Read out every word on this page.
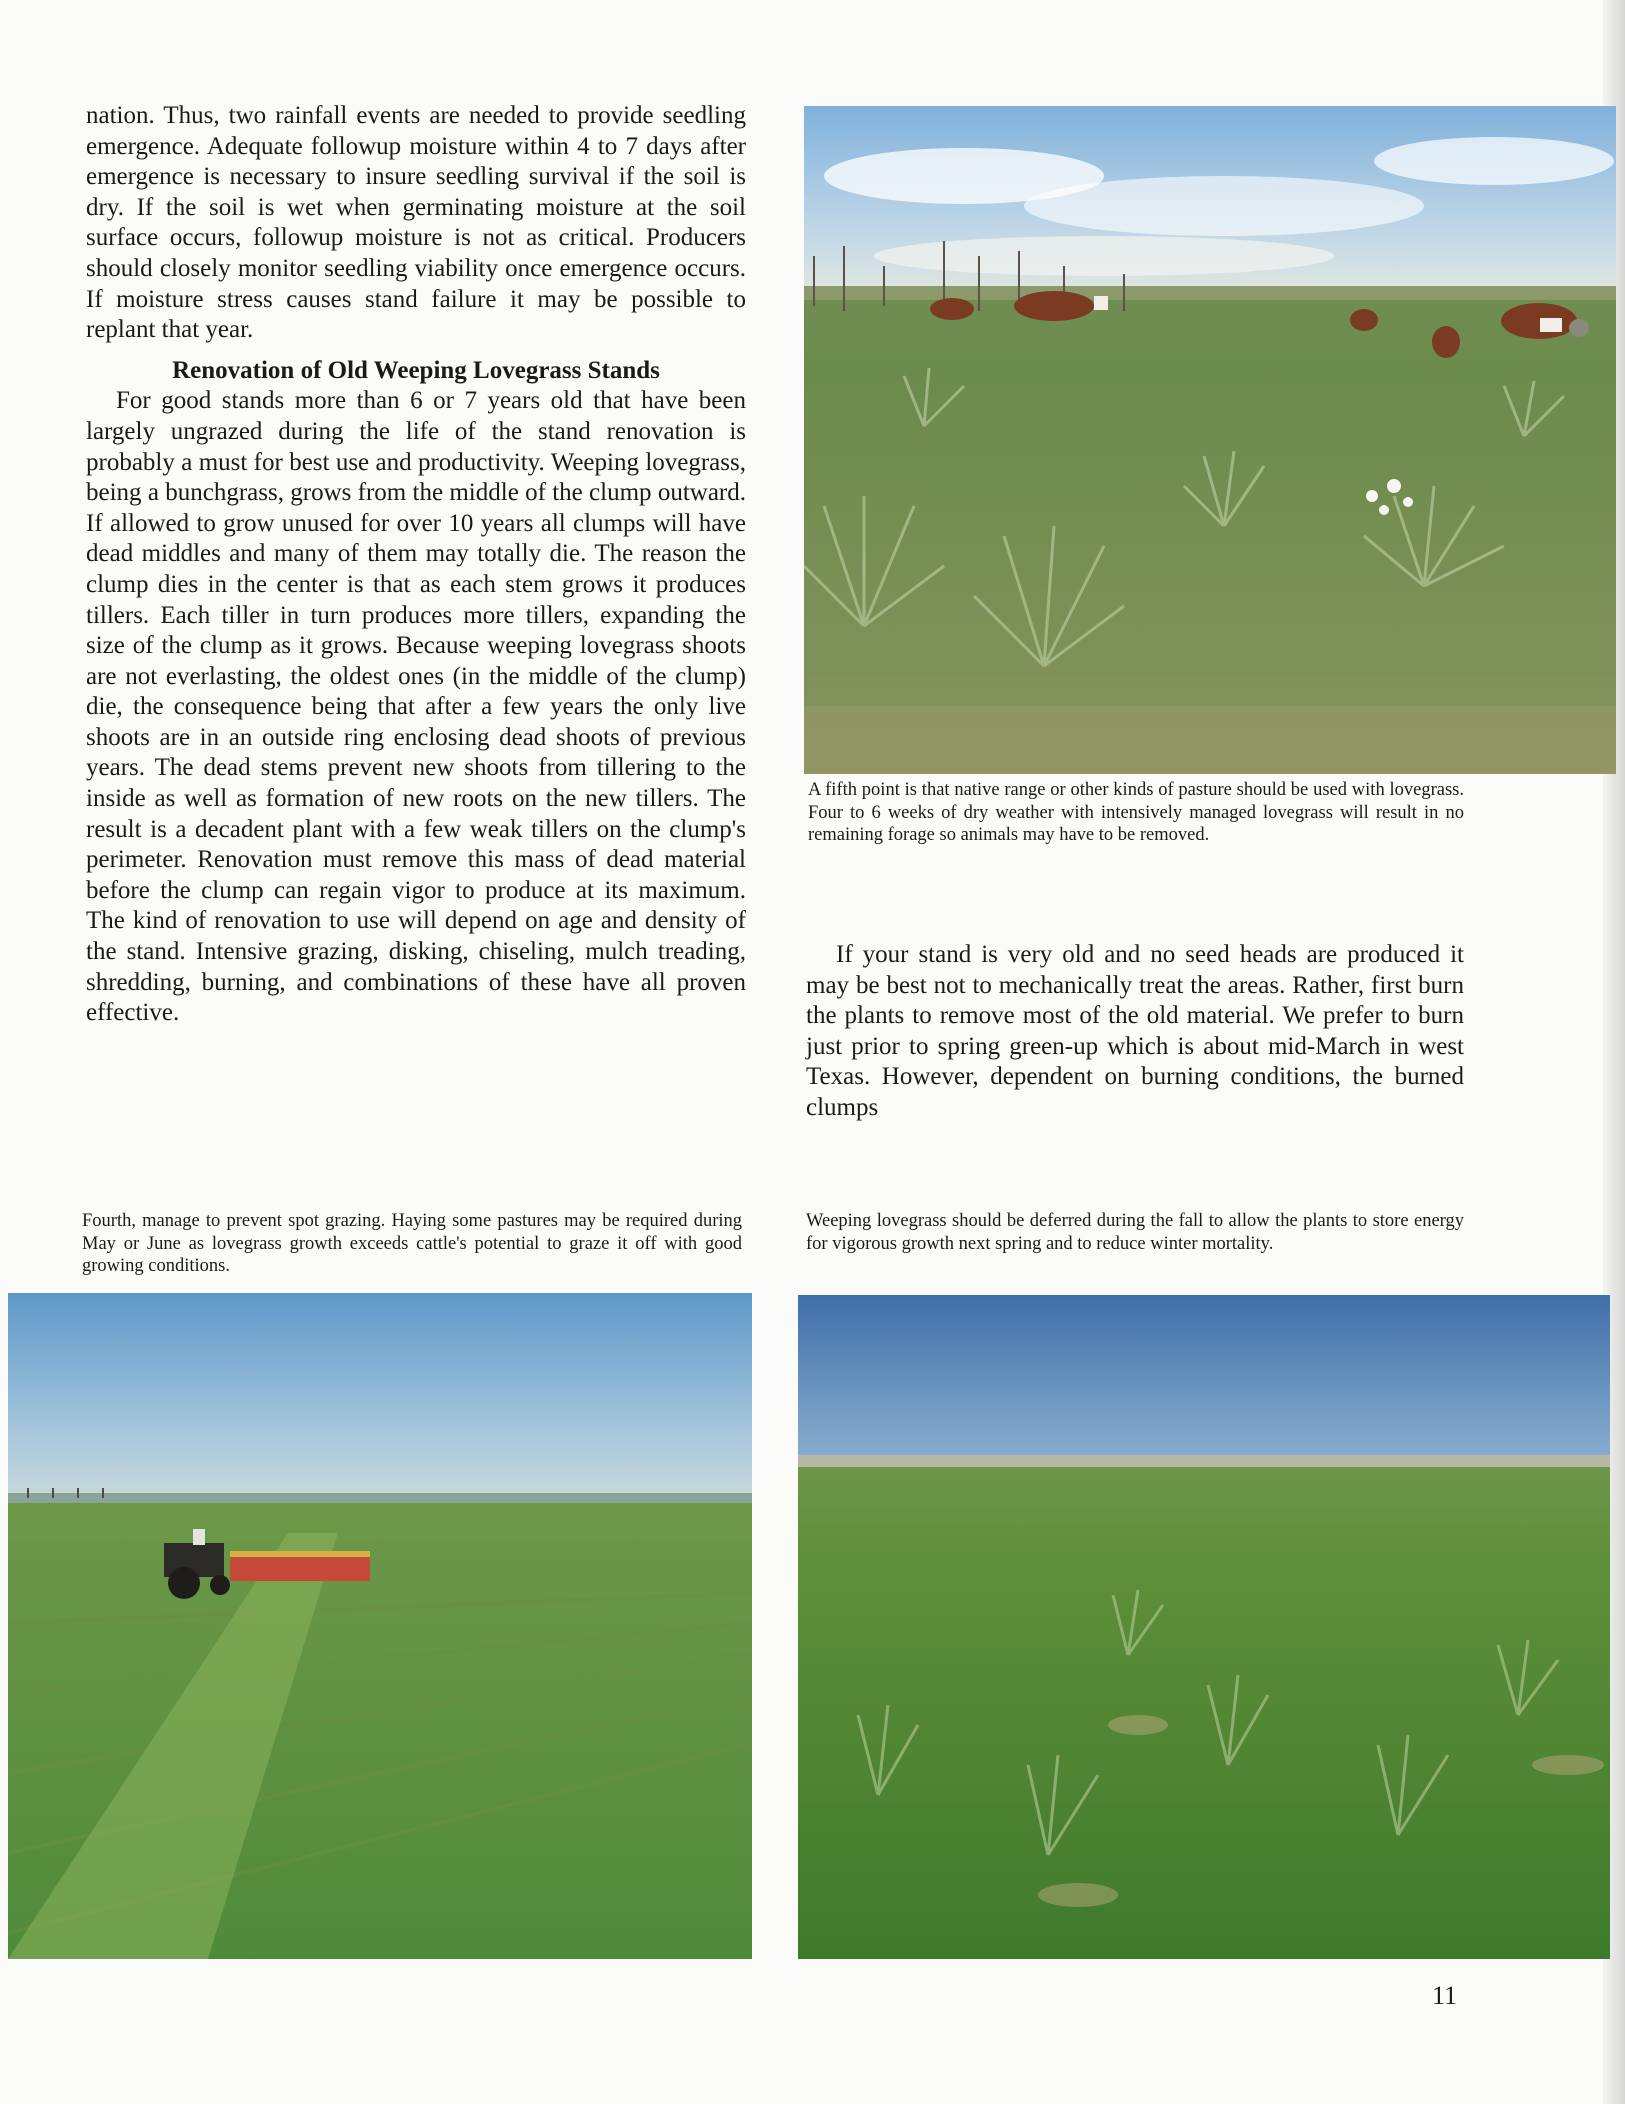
nation. Thus, two rainfall events are needed to provide seedling emergence. Adequate followup moisture within 4 to 7 days after emergence is necessary to insure seedling survival if the soil is dry. If the soil is wet when germinating moisture at the soil surface occurs, followup moisture is not as critical. Producers should closely monitor seedling viability once emergence occurs. If moisture stress causes stand failure it may be possible to replant that year.

Renovation of Old Weeping Lovegrass Stands

For good stands more than 6 or 7 years old that have been largely ungrazed during the life of the stand renovation is probably a must for best use and productivity. Weeping lovegrass, being a bunchgrass, grows from the middle of the clump outward. If allowed to grow unused for over 10 years all clumps will have dead middles and many of them may totally die. The reason the clump dies in the center is that as each stem grows it produces tillers. Each tiller in turn produces more tillers, expanding the size of the clump as it grows. Because weeping lovegrass shoots are not everlasting, the oldest ones (in the middle of the clump) die, the consequence being that after a few years the only live shoots are in an outside ring enclosing dead shoots of previous years. The dead stems prevent new shoots from tillering to the inside as well as formation of new roots on the new tillers. The result is a decadent plant with a few weak tillers on the clump's perimeter. Renovation must remove this mass of dead material before the clump can regain vigor to produce at its maximum. The kind of renovation to use will depend on age and density of the stand. Intensive grazing, disking, chiseling, mulch treading, shredding, burning, and combinations of these have all proven effective.

A fifth point is that native range or other kinds of pasture should be used with lovegrass. Four to 6 weeks of dry weather with intensively managed lovegrass will result in no remaining forage so animals may have to be removed.

If your stand is very old and no seed heads are produced it may be best not to mechanically treat the areas. Rather, first burn the plants to remove most of the old material. We prefer to burn just prior to spring green-up which is about mid-March in west Texas. However, dependent on burning conditions, the burned clumps

Fourth, manage to prevent spot grazing. Haying some pastures may be required during May or June as lovegrass growth exceeds cattle's potential to graze it off with good growing conditions.

Weeping lovegrass should be deferred during the fall to allow the plants to store energy for vigorous growth next spring and to reduce winter mortality.

11
